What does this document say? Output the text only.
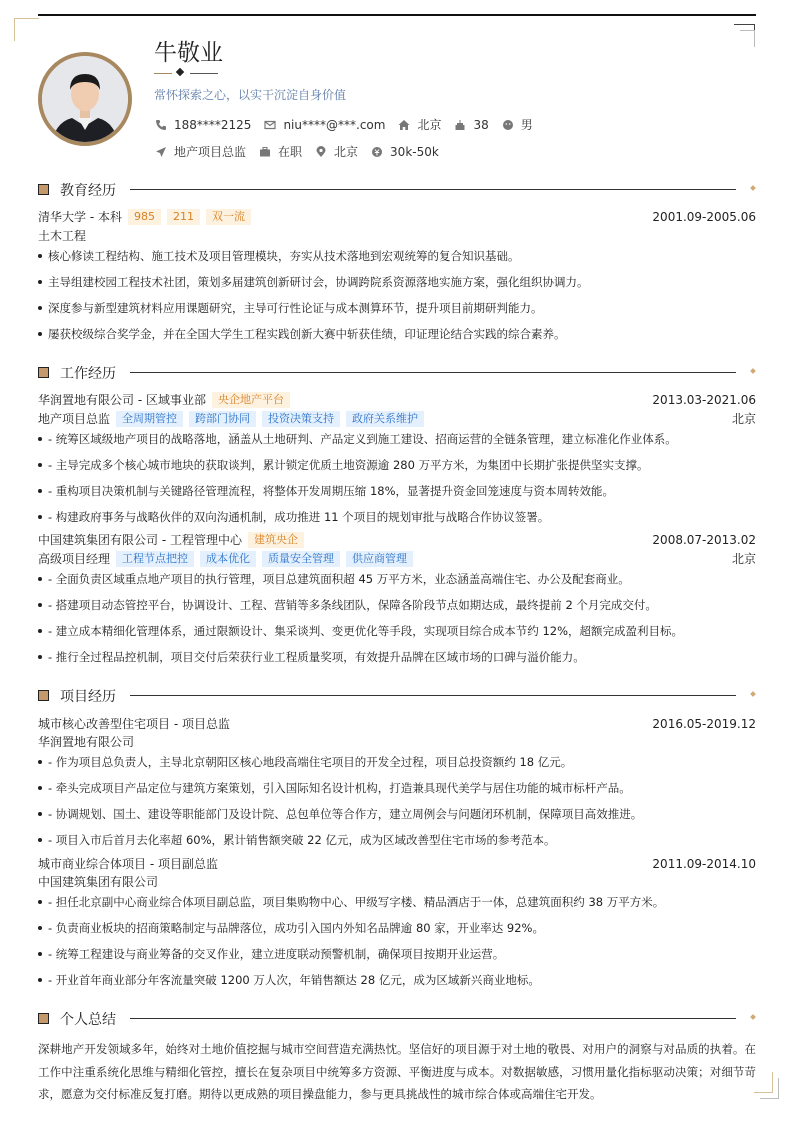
牛敬业
常怀探索之心，以实干沉淀自身价值
188****2125	niu****@***.com	北京	38	男
地产项目总监	在职	北京	30k-50k
教育经历
清华大学 - 本科	985	211	双一流	2001.09-2005.06
土木工程
核心修读工程结构、施工技术及项目管理模块，夯实从技术落地到宏观统筹的复合知识基础。
主导组建校园工程技术社团，策划多届建筑创新研讨会，协调跨院系资源落地实施方案，强化组织协调力。
深度参与新型建筑材料应用课题研究，主导可行性论证与成本测算环节，提升项目前期研判能力。
屡获校级综合奖学金，并在全国大学生工程实践创新大赛中斩获佳绩，印证理论结合实践的综合素养。
工作经历
华润置地有限公司 - 区域事业部	央企地产平台	2013.03-2021.06
地产项目总监	全周期管控	跨部门协同	投资决策支持	政府关系维护	北京
- 统筹区域级地产项目的战略落地，涵盖从土地研判、产品定义到施工建设、招商运营的全链条管理，建立标准化作业体系。
- 主导完成多个核心城市地块的获取谈判，累计锁定优质土地资源逾 280 万平方米，为集团中长期扩张提供坚实支撑。
- 重构项目决策机制与关键路径管理流程，将整体开发周期压缩 18%，显著提升资金回笼速度与资本周转效能。
- 构建政府事务与战略伙伴的双向沟通机制，成功推进 11 个项目的规划审批与战略合作协议签署。
中国建筑集团有限公司 - 工程管理中心	建筑央企	2008.07-2013.02
高级项目经理	工程节点把控	成本优化	质量安全管理	供应商管理	北京
- 全面负责区域重点地产项目的执行管理，项目总建筑面积超 45 万平方米，业态涵盖高端住宅、办公及配套商业。
- 搭建项目动态管控平台，协调设计、工程、营销等多条线团队，保障各阶段节点如期达成，最终提前 2 个月完成交付。
- 建立成本精细化管理体系，通过限额设计、集采谈判、变更优化等手段，实现项目综合成本节约 12%，超额完成盈利目标。
- 推行全过程品控机制，项目交付后荣获行业工程质量奖项，有效提升品牌在区域市场的口碑与溢价能力。
项目经历
城市核心改善型住宅项目 - 项目总监	2016.05-2019.12
华润置地有限公司
- 作为项目总负责人，主导北京朝阳区核心地段高端住宅项目的开发全过程，项目总投资额约 18 亿元。
- 牵头完成项目产品定位与建筑方案策划，引入国际知名设计机构，打造兼具现代美学与居住功能的城市标杆产品。
- 协调规划、国土、建设等职能部门及设计院、总包单位等合作方，建立周例会与问题闭环机制，保障项目高效推进。
- 项目入市后首月去化率超 60%，累计销售额突破 22 亿元，成为区域改善型住宅市场的参考范本。
城市商业综合体项目 - 项目副总监	2011.09-2014.10
中国建筑集团有限公司
- 担任北京副中心商业综合体项目副总监，项目集购物中心、甲级写字楼、精品酒店于一体，总建筑面积约 38 万平方米。
- 负责商业板块的招商策略制定与品牌落位，成功引入国内外知名品牌逾 80 家，开业率达 92%。
- 统筹工程建设与商业筹备的交叉作业，建立进度联动预警机制，确保项目按期开业运营。
- 开业首年商业部分年客流量突破 1200 万人次，年销售额达 28 亿元，成为区域新兴商业地标。
个人总结
深耕地产开发领域多年，始终对土地价值挖掘与城市空间营造充满热忱。坚信好的项目源于对土地的敬畏、对用户的洞察与对品质的执着。在工作中注重系统化思维与精细化管控，擅长在复杂项目中统筹多方资源、平衡进度与成本。对数据敏感，习惯用量化指标驱动决策；对细节苛求，愿意为交付标准反复打磨。期待以更成熟的项目操盘能力，参与更具挑战性的城市综合体或高端住宅开发。
